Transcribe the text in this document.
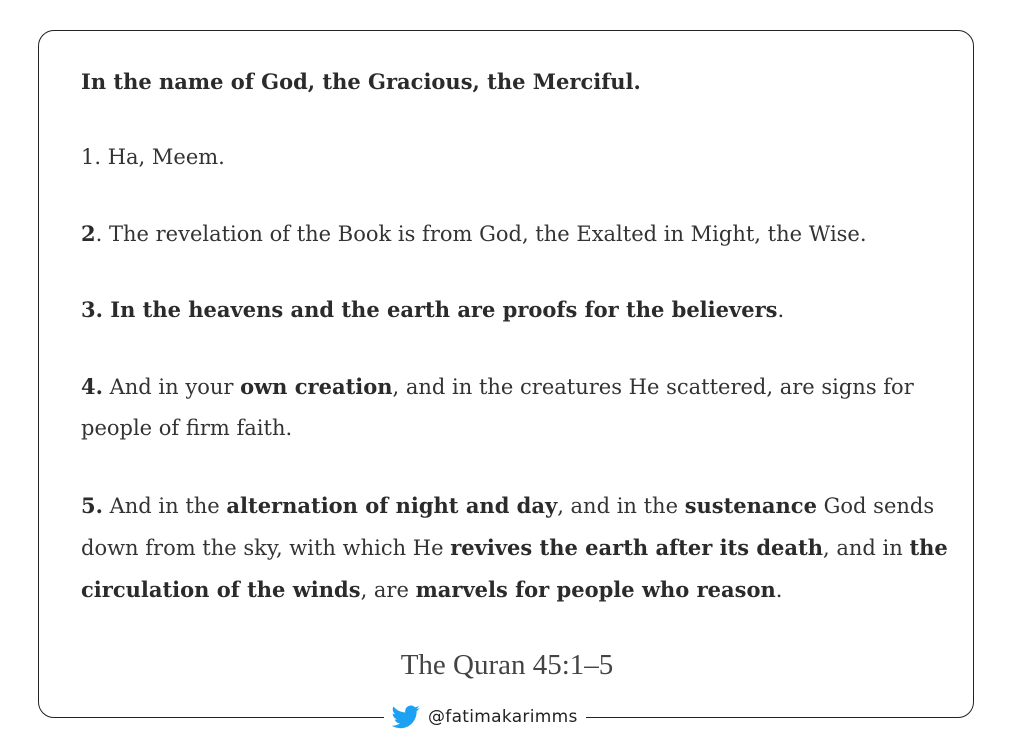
In the name of God, the Gracious, the Merciful.

1. Ha, Meem.

2. The revelation of the Book is from God, the Exalted in Might, the Wise.

3. In the heavens and the earth are proofs for the believers.

4. And in your own creation, and in the creatures He scattered, are signs for people of firm faith.

5. And in the alternation of night and day, and in the sustenance God sends down from the sky, with which He revives the earth after its death, and in the circulation of the winds, are marvels for people who reason.

The Quran 45:1–5
@fatimakarimms
